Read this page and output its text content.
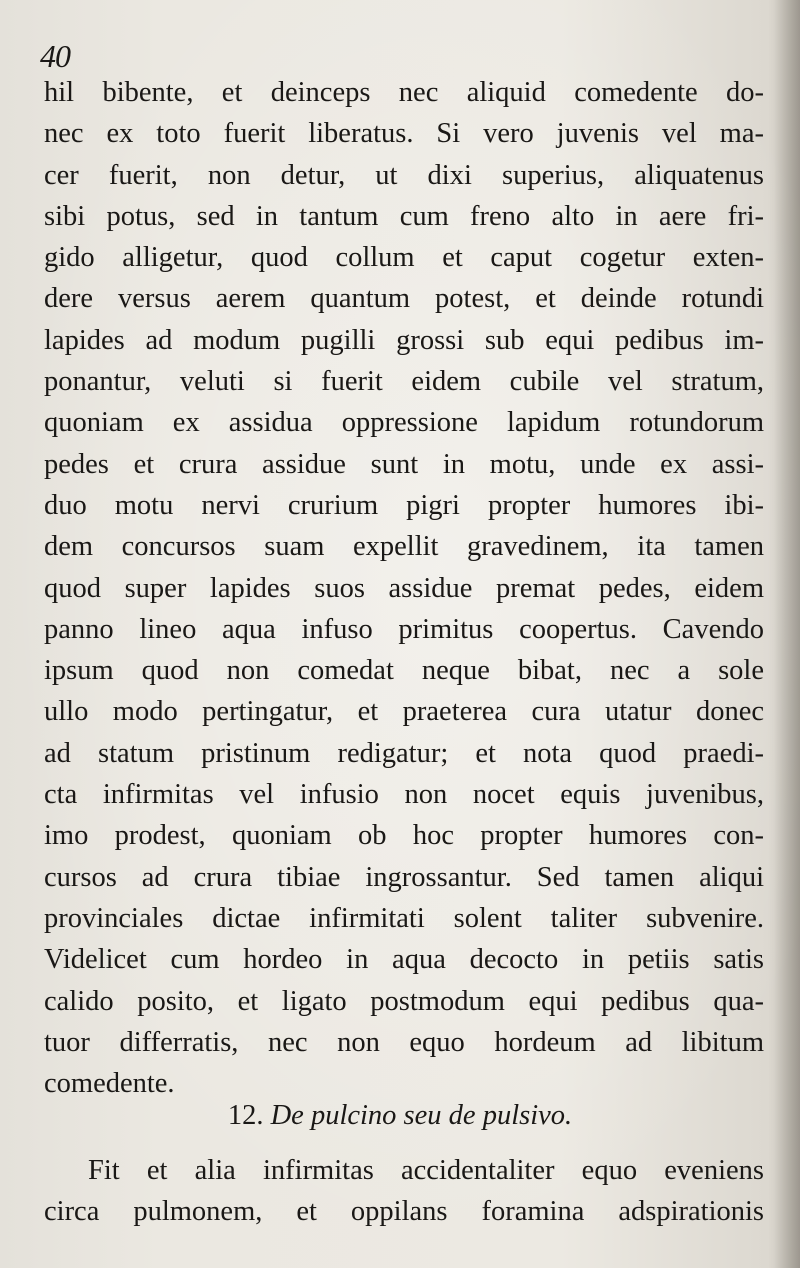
40
hil bibente, et deinceps nec aliquid comedente do-
nec ex toto fuerit liberatus. Si vero juvenis vel ma-
cer fuerit, non detur, ut dixi superius, aliquatenus
sibi potus, sed in tantum cum freno alto in aere fri-
gido alligetur, quod collum et caput cogetur exten-
dere versus aerem quantum potest, et deinde rotundi
lapides ad modum pugilli grossi sub equi pedibus im-
ponantur, veluti si fuerit eidem cubile vel stratum,
quoniam ex assidua oppressione lapidum rotundorum
pedes et crura assidue sunt in motu, unde ex assi-
duo motu nervi crurium pigri propter humores ibi-
dem concursos suam expellit gravedinem, ita tamen
quod super lapides suos assidue premat pedes, eidem
panno lineo aqua infuso primitus coopertus. Cavendo
ipsum quod non comedat neque bibat, nec a sole
ullo modo pertingatur, et praeterea cura utatur donec
ad statum pristinum redigatur; et nota quod praedi-
cta infirmitas vel infusio non nocet equis juvenibus,
imo prodest, quoniam ob hoc propter humores con-
cursos ad crura tibiae ingrossantur. Sed tamen aliqui
provinciales dictae infirmitati solent taliter subvenire.
Videlicet cum hordeo in aqua decocto in petiis satis
calido posito, et ligato postmodum equi pedibus qua-
tuor differratis, nec non equo hordeum ad libitum
comedente.
12. De pulcino seu de pulsivo.
Fit et alia infirmitas accidentaliter equo eveniens
circa pulmonem, et oppilans foramina adspirationis
